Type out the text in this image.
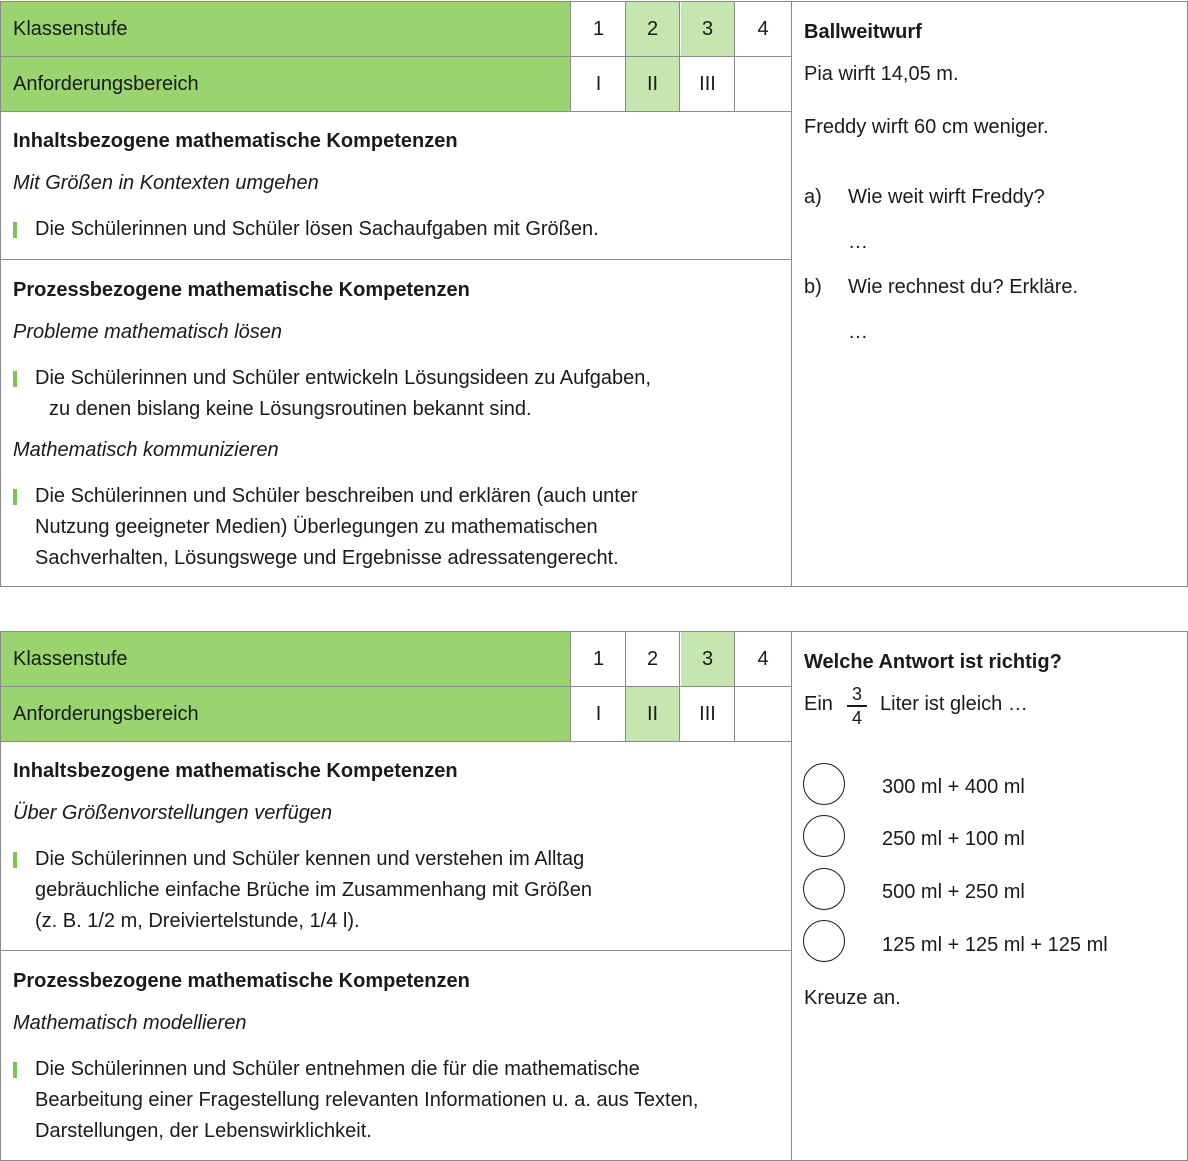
Klassenstufe	1	2	3	4
Anforderungsbereich	I	II	III
Inhaltsbezogene mathematische Kompetenzen
Mit Größen in Kontexten umgehen
Die Schülerinnen und Schüler lösen Sachaufgaben mit Größen.
Prozessbezogene mathematische Kompetenzen
Probleme mathematisch lösen
Die Schülerinnen und Schüler entwickeln Lösungsideen zu Aufgaben,
zu denen bislang keine Lösungsroutinen bekannt sind.
Mathematisch kommunizieren
Die Schülerinnen und Schüler beschreiben und erklären (auch unter
Nutzung geeigneter Medien) Überlegungen zu mathematischen
Sachverhalten, Lösungswege und Ergebnisse adressatengerecht.
Ballweitwurf
Pia wirft 14,05 m.
Freddy wirft 60 cm weniger.
a) Wie weit wirft Freddy?
…
b) Wie rechnest du? Erkläre.
…
Klassenstufe	1	2	3	4
Anforderungsbereich	I	II	III
Inhaltsbezogene mathematische Kompetenzen
Über Größenvorstellungen verfügen
Die Schülerinnen und Schüler kennen und verstehen im Alltag
gebräuchliche einfache Brüche im Zusammenhang mit Größen
(z. B. 1/2 m, Dreiviertelstunde, 1/4 l).
Prozessbezogene mathematische Kompetenzen
Mathematisch modellieren
Die Schülerinnen und Schüler entnehmen die für die mathematische
Bearbeitung einer Fragestellung relevanten Informationen u. a. aus Texten,
Darstellungen, der Lebenswirklichkeit.
Welche Antwort ist richtig?
Ein 3
4
Liter ist gleich …
300 ml + 400 ml
250 ml + 100 ml
500 ml + 250 ml
125 ml + 125 ml + 125 ml
Kreuze an.
